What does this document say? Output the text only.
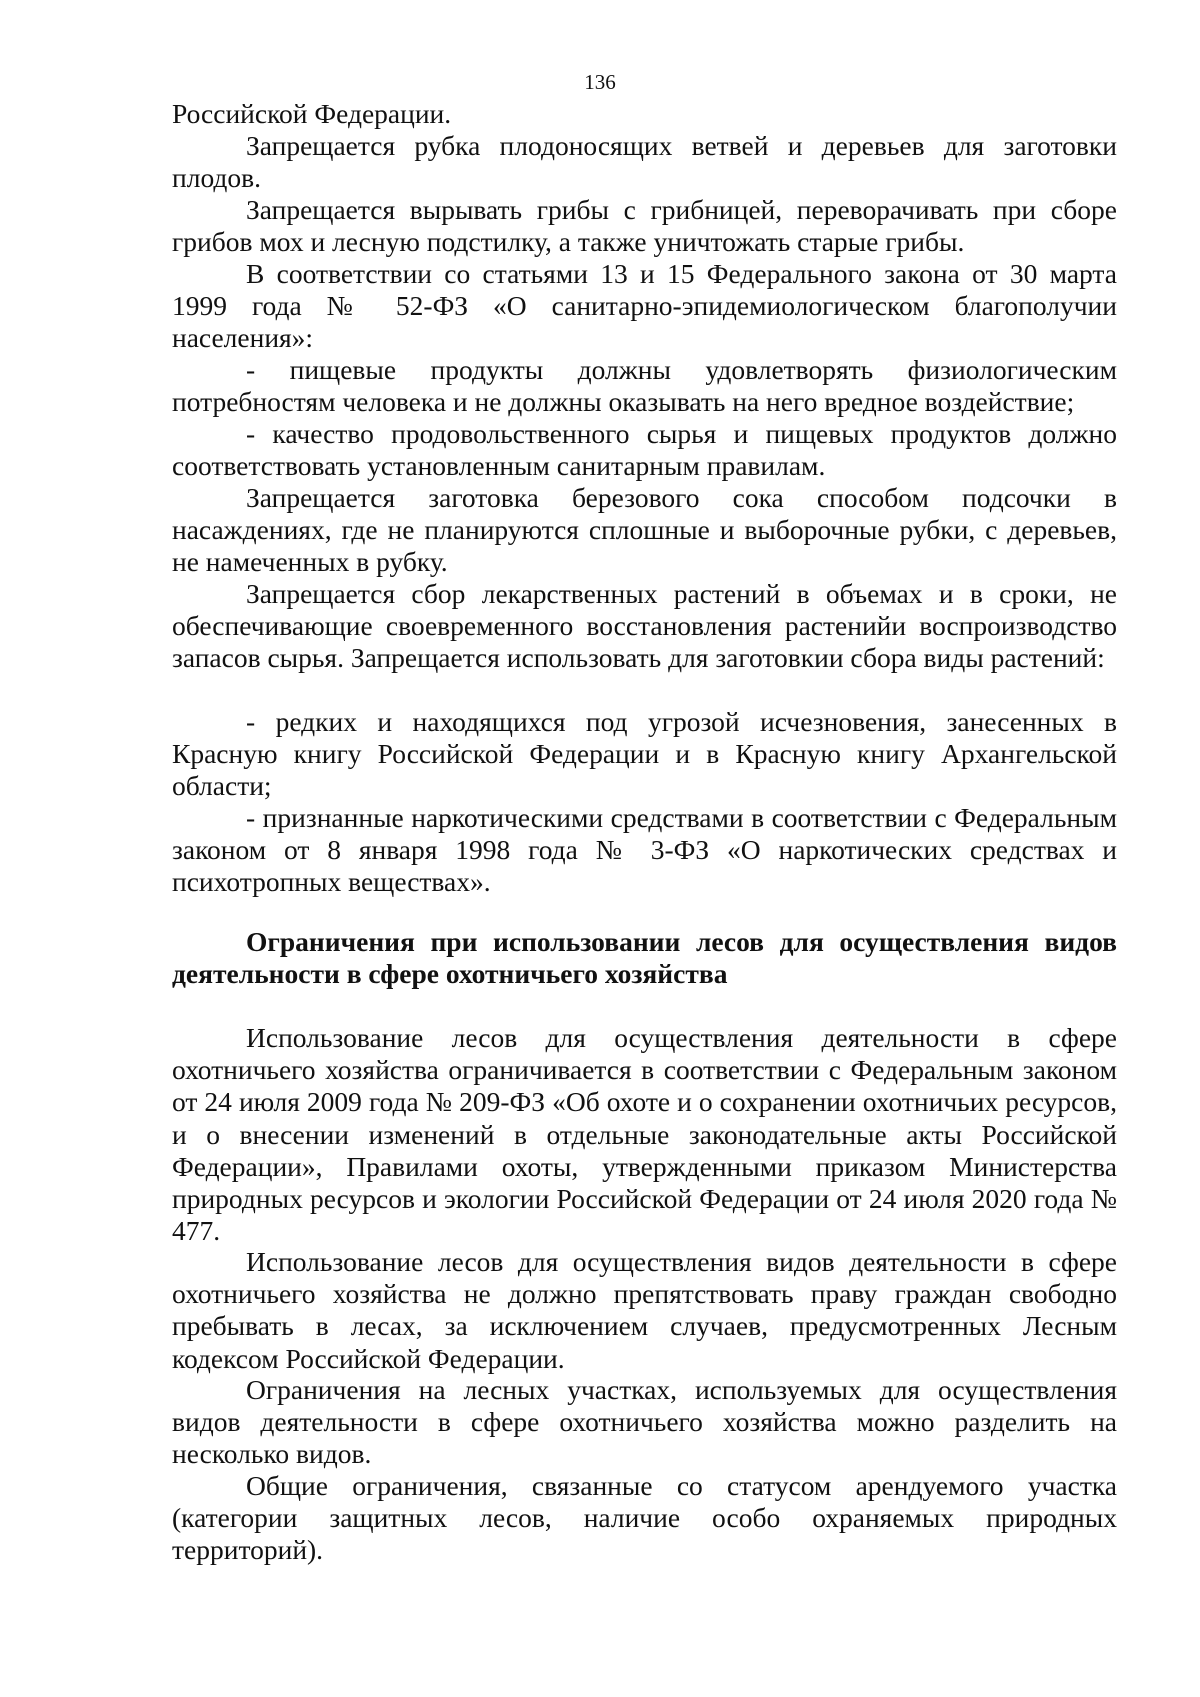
136

Российской Федерации.

Запрещается рубка плодоносящих ветвей и деревьев для заготовки плодов.

Запрещается вырывать грибы с грибницей, переворачивать при сборе грибов мох и лесную подстилку, а также уничтожать старые грибы.

В соответствии со статьями 13 и 15 Федерального закона от 30 марта 1999 года № 52-ФЗ «О санитарно-эпидемиологическом благополучии населения»:

- пищевые продукты должны удовлетворять физиологическим потребностям человека и не должны оказывать на него вредное воздействие;

- качество продовольственного сырья и пищевых продуктов должно соответствовать установленным санитарным правилам.

Запрещается заготовка березового сока способом подсочки в насаждениях, где не планируются сплошные и выборочные рубки, с деревьев, не намеченных в рубку.

Запрещается сбор лекарственных растений в объемах и в сроки, не обеспечивающие своевременного восстановления растенийи воспроизводство запасов сырья. Запрещается использовать для заготовкии сбора виды растений:

- редких и находящихся под угрозой исчезновения, занесенных в Красную книгу Российской Федерации и в Красную книгу Архангельской области;

- признанные наркотическими средствами в соответствии с Федеральным законом от 8 января 1998 года № 3-ФЗ «О наркотических средствах и психотропных веществах».

Ограничения при использовании лесов для осуществления видов деятельности в сфере охотничьего хозяйства

Использование лесов для осуществления деятельности в сфере охотничьего хозяйства ограничивается в соответствии с Федеральным законом от 24 июля 2009 года № 209-ФЗ «Об охоте и о сохранении охотничьих ресурсов, и о внесении изменений в отдельные законодательные акты Российской Федерации», Правилами охоты, утвержденными приказом Министерства природных ресурсов и экологии Российской Федерации от 24 июля 2020 года № 477.

Использование лесов для осуществления видов деятельности в сфере охотничьего хозяйства не должно препятствовать праву граждан свободно пребывать в лесах, за исключением случаев, предусмотренных Лесным кодексом Российской Федерации.

Ограничения на лесных участках, используемых для осуществления видов деятельности в сфере охотничьего хозяйства можно разделить на несколько видов.

Общие ограничения, связанные со статусом арендуемого участка (категории защитных лесов, наличие особо охраняемых природных территорий).
